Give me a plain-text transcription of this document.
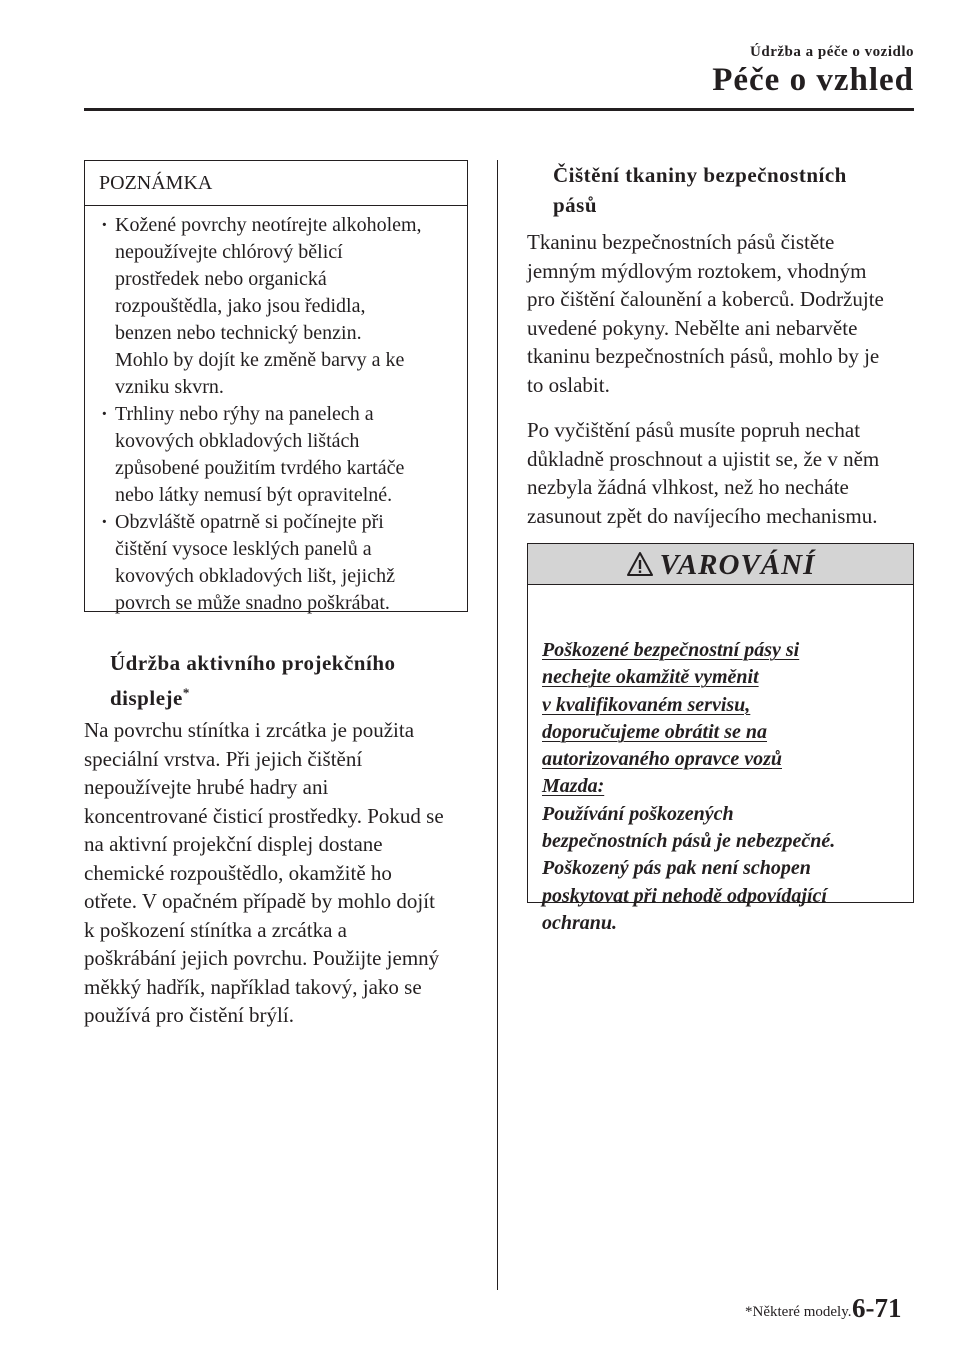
Údržba a péče o vozidlo
Péče o vzhled
POZNÁMKA
· Kožené povrchy neotírejte alkoholem,
nepoužívejte chlórový bělicí
prostředek nebo organická
rozpouštědla, jako jsou ředidla,
benzen nebo technický benzin.
Mohlo by dojít ke změně barvy a ke
vzniku skvrn.
· Trhliny nebo rýhy na panelech a
kovových obkladových lištách
způsobené použitím tvrdého kartáče
nebo látky nemusí být opravitelné.
· Obzvláště opatrně si počínejte při
čištění vysoce lesklých panelů a
kovových obkladových lišt, jejichž
povrch se může snadno poškrábat.
Údržba aktivního projekčního
displeje*
Na povrchu stínítka i zrcátka je použita
speciální vrstva. Při jejich čištění
nepoužívejte hrubé hadry ani
koncentrované čisticí prostředky. Pokud se
na aktivní projekční displej dostane
chemické rozpouštědlo, okamžitě ho
otřete. V opačném případě by mohlo dojít
k poškození stínítka a zrcátka a
poškrábání jejich povrchu. Použijte jemný
měkký hadřík, například takový, jako se
používá pro čistění brýlí.
Čištění tkaniny bezpečnostních
pásů
Tkaninu bezpečnostních pásů čistěte
jemným mýdlovým roztokem, vhodným
pro čištění čalounění a koberců. Dodržujte
uvedené pokyny. Nebělte ani nebarvěte
tkaninu bezpečnostních pásů, mohlo by je
to oslabit.
Po vyčištění pásů musíte popruh nechat
důkladně proschnout a ujistit se, že v něm
nezbyla žádná vlhkost, než ho necháte
zasunout zpět do navíjecího mechanismu.
VAROVÁNÍ
Poškozené bezpečnostní pásy si
nechejte okamžitě vyměnit
v kvalifikovaném servisu,
doporučujeme obrátit se na
autorizovaného opravce vozů
Mazda:
Používání poškozených
bezpečnostních pásů je nebezpečné.
Poškozený pás pak není schopen
poskytovat při nehodě odpovídající
ochranu.
*Některé modely. 6-71
